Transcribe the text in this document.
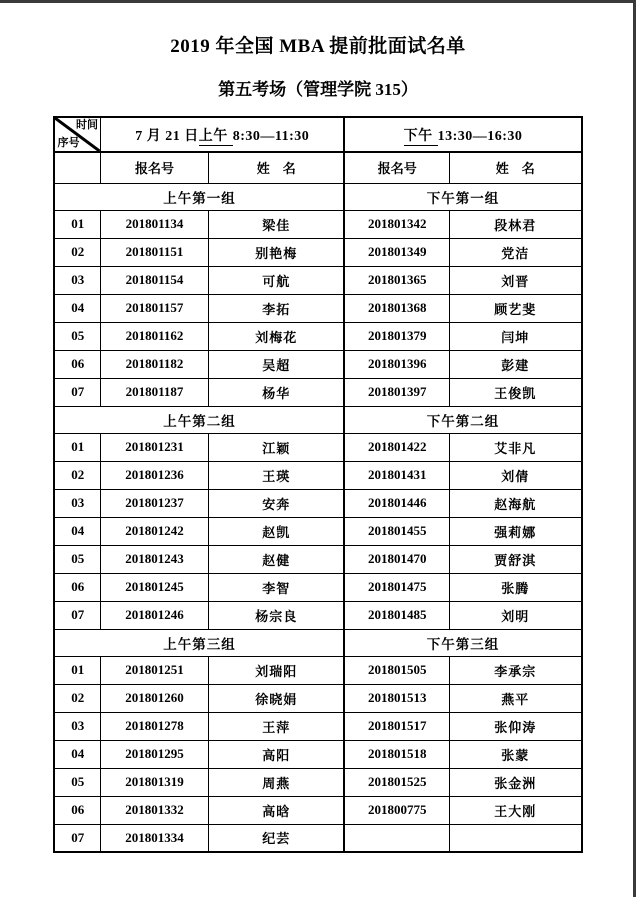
2019 年全国 MBA 提前批面试名单
第五考场（管理学院 315）
时间
序号	7 月 21 日上午 8:30—11:30		下午 13:30—16:30	
	报名号	姓　名	报名号	姓　名
上午第一组			下午第一组	
01	201801134	梁佳	201801342	段林君
02	201801151	别艳梅	201801349	党洁
03	201801154	可航	201801365	刘晋
04	201801157	李拓	201801368	顾艺斐
05	201801162	刘梅花	201801379	闫坤
06	201801182	吴超	201801396	彭建
07	201801187	杨华	201801397	王俊凯
上午第二组			下午第二组	
01	201801231	江颖	201801422	艾非凡
02	201801236	王瑛	201801431	刘倩
03	201801237	安奔	201801446	赵海航
04	201801242	赵凯	201801455	强莉娜
05	201801243	赵健	201801470	贾舒淇
06	201801245	李智	201801475	张腾
07	201801246	杨宗良	201801485	刘明
上午第三组			下午第三组	
01	201801251	刘瑞阳	201801505	李承宗
02	201801260	徐晓娟	201801513	燕平
03	201801278	王萍	201801517	张仰涛
04	201801295	高阳	201801518	张蒙
05	201801319	周燕	201801525	张金洲
06	201801332	高晗	201800775	王大刚
07	201801334	纪芸		
